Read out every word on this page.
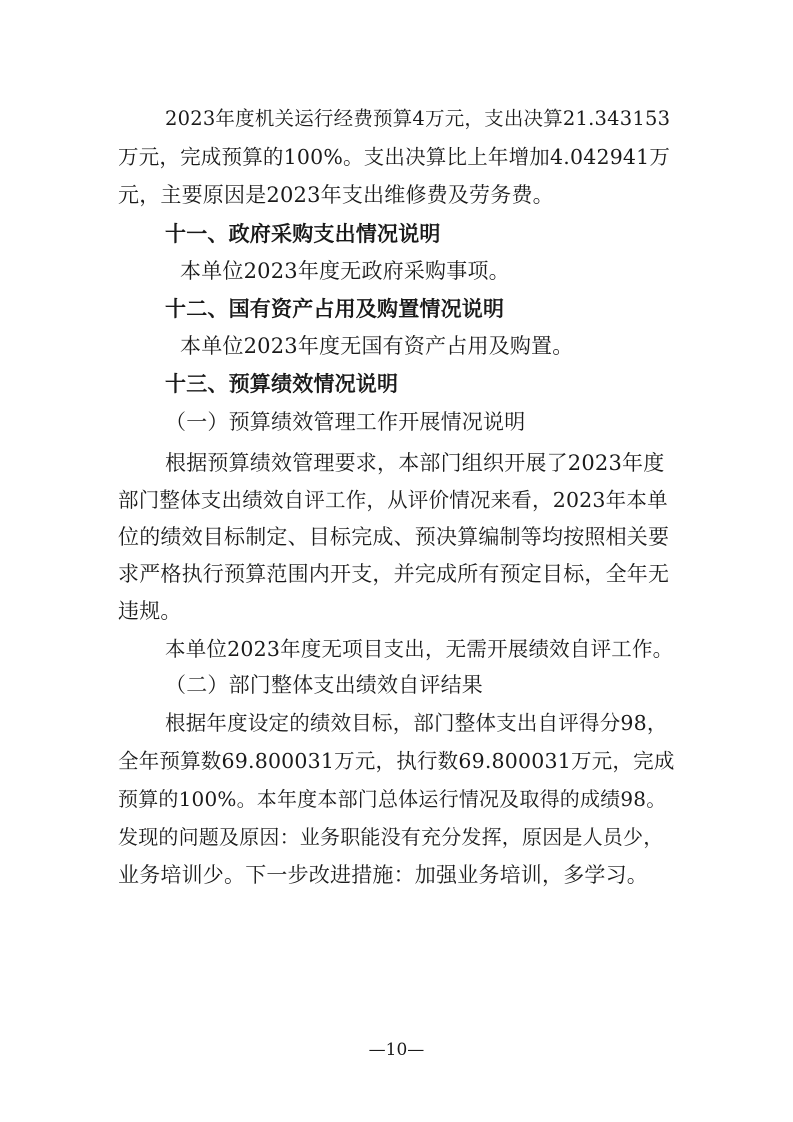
2023年度机关运行经费预算4万元，支出决算21.343153
万元，完成预算的100%。支出决算比上年增加4.042941万
元，主要原因是2023年支出维修费及劳务费。
十一、政府采购支出情况说明
本单位2023年度无政府采购事项。
十二、国有资产占用及购置情况说明
本单位2023年度无国有资产占用及购置。
十三、预算绩效情况说明
（一）预算绩效管理工作开展情况说明
根据预算绩效管理要求，本部门组织开展了2023年度
部门整体支出绩效自评工作，从评价情况来看，2023年本单
位的绩效目标制定、目标完成、预决算编制等均按照相关要
求严格执行预算范围内开支，并完成所有预定目标，全年无
违规。
本单位2023年度无项目支出，无需开展绩效自评工作。
（二）部门整体支出绩效自评结果
根据年度设定的绩效目标，部门整体支出自评得分98，
全年预算数69.800031万元，执行数69.800031万元，完成
预算的100%。本年度本部门总体运行情况及取得的成绩98。
发现的问题及原因：业务职能没有充分发挥，原因是人员少，
业务培训少。下一步改进措施：加强业务培训，多学习。
—10—
